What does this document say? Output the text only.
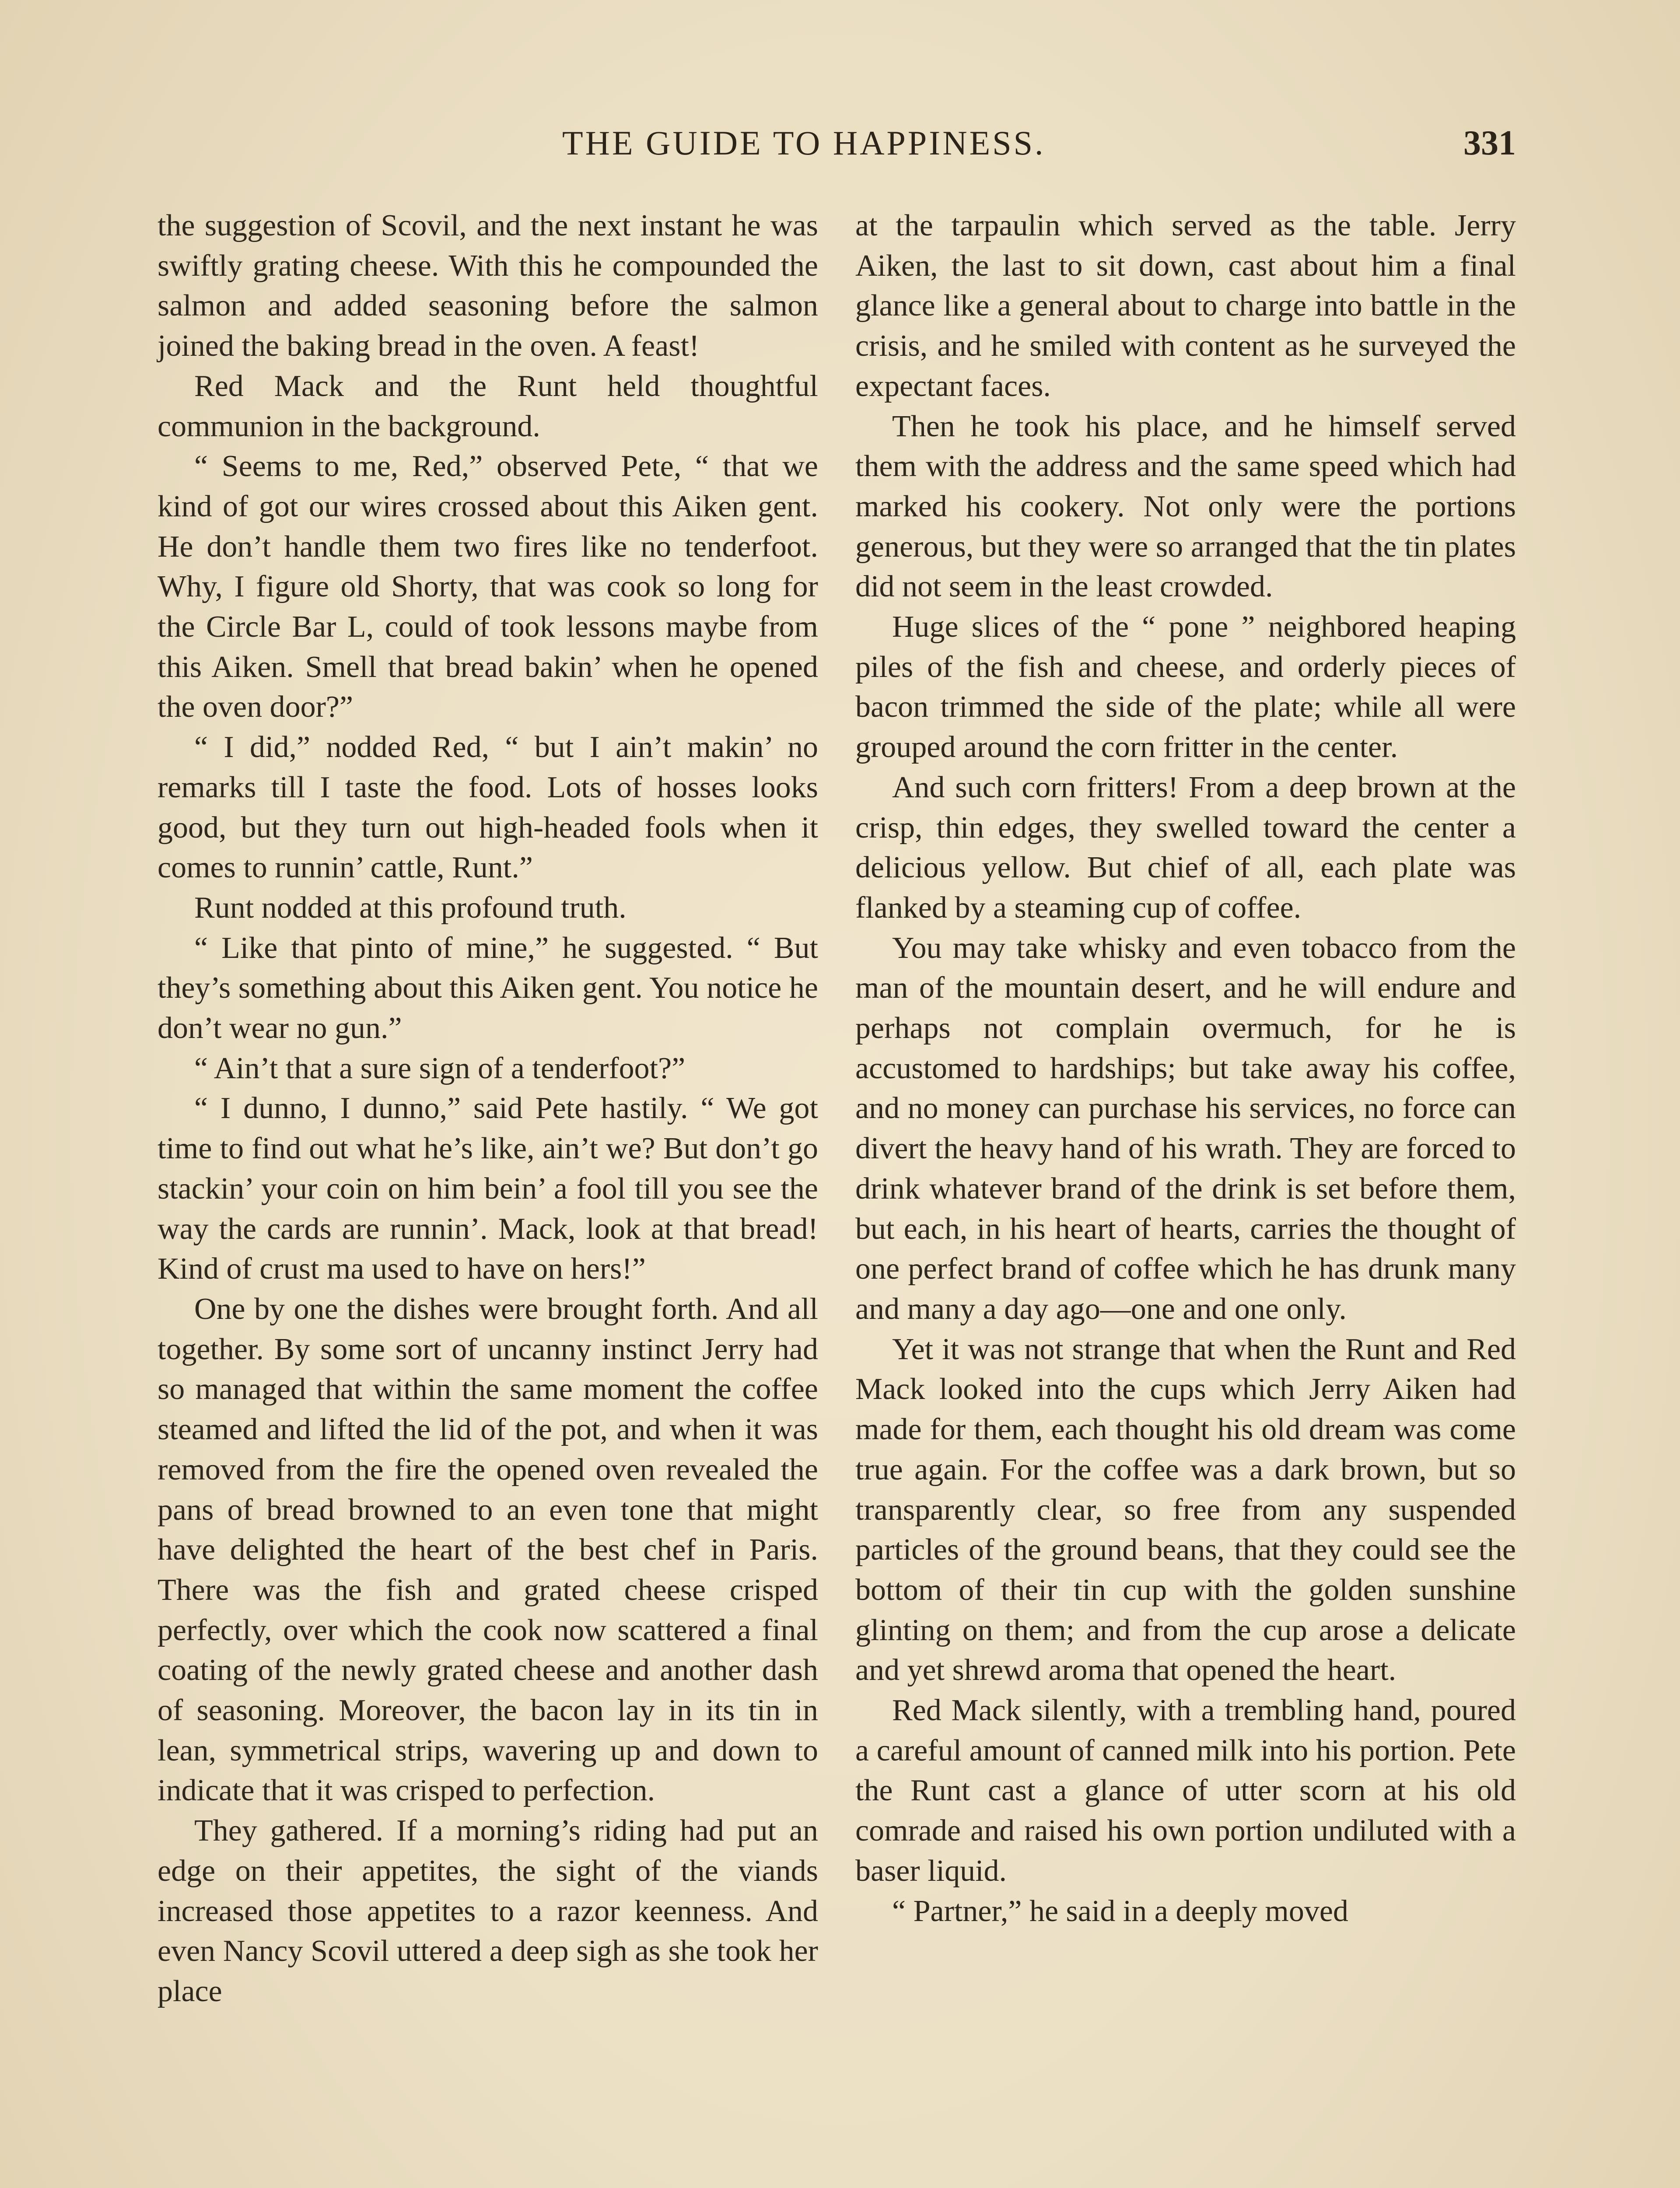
THE GUIDE TO HAPPINESS.	331

the suggestion of Scovil, and the next instant he was swiftly grating cheese. With this he compounded the salmon and added seasoning before the salmon joined the baking bread in the oven. A feast!

Red Mack and the Runt held thoughtful communion in the background.

“ Seems to me, Red,” observed Pete, “ that we kind of got our wires crossed about this Aiken gent. He don’t handle them two fires like no tenderfoot. Why, I figure old Shorty, that was cook so long for the Circle Bar L, could of took lessons maybe from this Aiken. Smell that bread bakin’ when he opened the oven door?”

“ I did,” nodded Red, “ but I ain’t makin’ no remarks till I taste the food. Lots of hosses looks good, but they turn out high-headed fools when it comes to runnin’ cattle, Runt.”

Runt nodded at this profound truth.

“ Like that pinto of mine,” he suggested. “ But they’s something about this Aiken gent. You notice he don’t wear no gun.”

“ Ain’t that a sure sign of a tenderfoot?”

“ I dunno, I dunno,” said Pete hastily. “ We got time to find out what he’s like, ain’t we? But don’t go stackin’ your coin on him bein’ a fool till you see the way the cards are runnin’. Mack, look at that bread! Kind of crust ma used to have on hers!”

One by one the dishes were brought forth. And all together. By some sort of uncanny instinct Jerry had so managed that within the same moment the coffee steamed and lifted the lid of the pot, and when it was removed from the fire the opened oven revealed the pans of bread browned to an even tone that might have delighted the heart of the best chef in Paris. There was the fish and grated cheese crisped perfectly, over which the cook now scattered a final coating of the newly grated cheese and another dash of seasoning. Moreover, the bacon lay in its tin in lean, symmetrical strips, wavering up and down to indicate that it was crisped to perfection.

They gathered. If a morning’s riding had put an edge on their appetites, the sight of the viands increased those appetites to a razor keenness. And even Nancy Scovil uttered a deep sigh as she took her place

at the tarpaulin which served as the table. Jerry Aiken, the last to sit down, cast about him a final glance like a general about to charge into battle in the crisis, and he smiled with content as he surveyed the expectant faces.

Then he took his place, and he himself served them with the address and the same speed which had marked his cookery. Not only were the portions generous, but they were so arranged that the tin plates did not seem in the least crowded.

Huge slices of the “ pone ” neighbored heaping piles of the fish and cheese, and orderly pieces of bacon trimmed the side of the plate; while all were grouped around the corn fritter in the center.

And such corn fritters! From a deep brown at the crisp, thin edges, they swelled toward the center a delicious yellow. But chief of all, each plate was flanked by a steaming cup of coffee.

You may take whisky and even tobacco from the man of the mountain desert, and he will endure and perhaps not complain overmuch, for he is accustomed to hardships; but take away his coffee, and no money can purchase his services, no force can divert the heavy hand of his wrath. They are forced to drink whatever brand of the drink is set before them, but each, in his heart of hearts, carries the thought of one perfect brand of coffee which he has drunk many and many a day ago—one and one only.

Yet it was not strange that when the Runt and Red Mack looked into the cups which Jerry Aiken had made for them, each thought his old dream was come true again. For the coffee was a dark brown, but so transparently clear, so free from any suspended particles of the ground beans, that they could see the bottom of their tin cup with the golden sunshine glinting on them; and from the cup arose a delicate and yet shrewd aroma that opened the heart.

Red Mack silently, with a trembling hand, poured a careful amount of canned milk into his portion. Pete the Runt cast a glance of utter scorn at his old comrade and raised his own portion undiluted with a baser liquid.

“ Partner,” he said in a deeply moved
